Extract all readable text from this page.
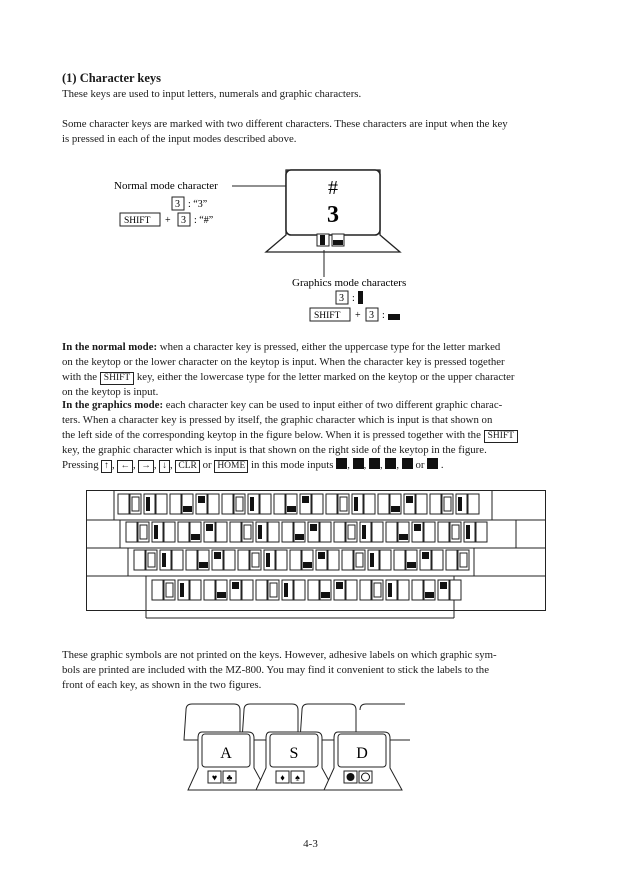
(1) Character keys
These keys are used to input letters, numerals and graphic characters.
Some character keys are marked with two different characters. These characters are input when the key
is pressed in each of the input modes described above.
Normal mode character
3 : “3”
SHIFT + 3 : “#”
#
3
Graphics mode characters
3 :
SHIFT + 3 :
In the normal mode: when a character key is pressed, either the uppercase type for the letter marked
on the keytop or the lower character on the keytop is input. When the character key is pressed together
with the SHIFT key, either the lowercase type for the letter marked on the keytop or the upper character
on the keytop is input.
In the graphics mode: each character key can be used to input either of two different graphic charac-
ters. When a character key is pressed by itself, the graphic character which is input is that shown on
the left side of the corresponding keytop in the figure below. When it is pressed together with the SHIFT
key, the graphic character which is input is that shown on the right side of the keytop in the figure.
Pressing ↑ , ← , → , ↓ , CLR or HOME in this mode inputs , , , ,  or  .
These graphic symbols are not printed on the keys. However, adhesive labels on which graphic sym-
bols are printed are included with the MZ-800. You may find it convenient to stick the labels to the
front of each key, as shown in the two figures.
A
♥ ♣
S
♦ ♠
D
4-3
